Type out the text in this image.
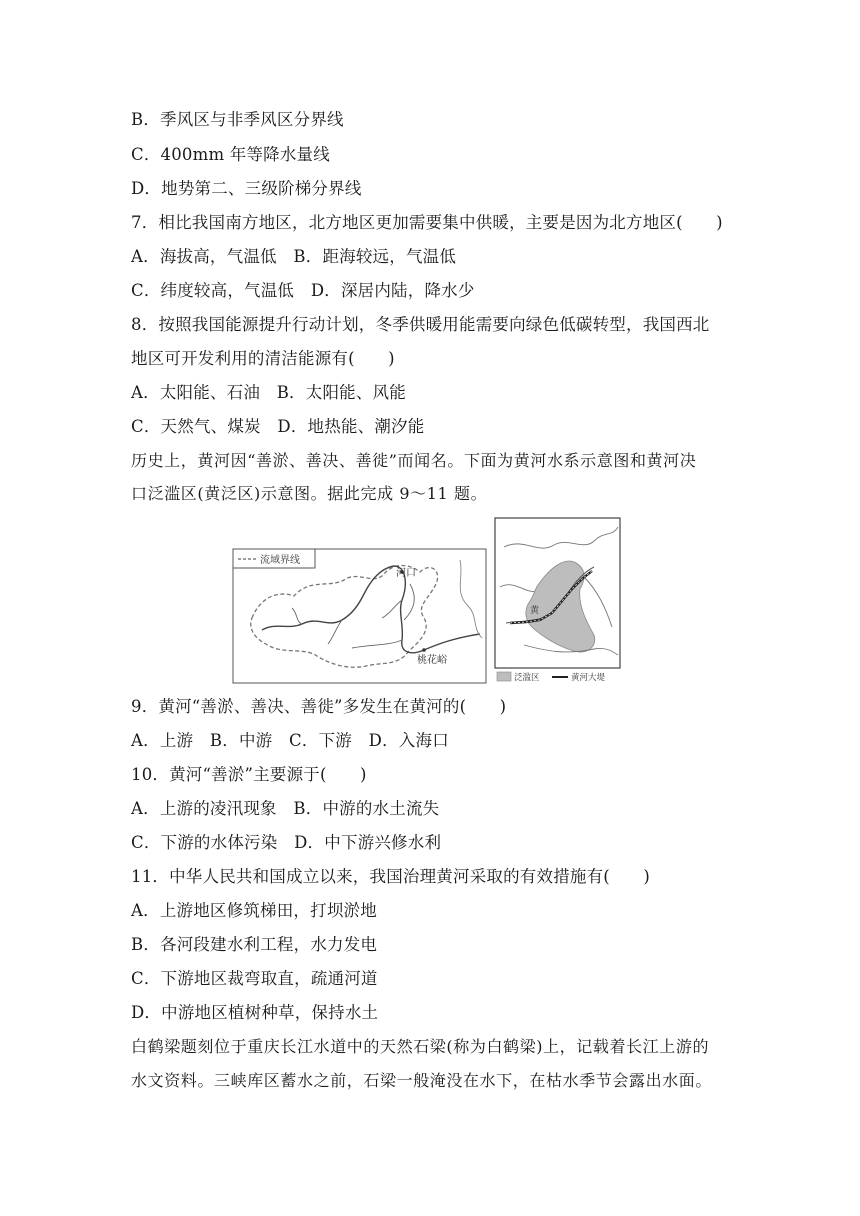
B．季风区与非季风区分界线
C．400mm 年等降水量线
D．地势第二、三级阶梯分界线
7．相比我国南方地区，北方地区更加需要集中供暖，主要是因为北方地区(　　)
A．海拔高，气温低　B．距海较远，气温低
C．纬度较高，气温低　D．深居内陆，降水少
8．按照我国能源提升行动计划，冬季供暖用能需要向绿色低碳转型，我国西北
地区可开发利用的清洁能源有(　　)
A．太阳能、石油　B．太阳能、风能
C．天然气、煤炭　D．地热能、潮汐能
历史上，黄河因“善淤、善决、善徙”而闻名。下面为黄河水系示意图和黄河决
口泛滥区(黄泛区)示意图。据此完成 9～11 题。
流域界线
河口
桃花峪
黄
泛滥区	黄河大堤
9．黄河“善淤、善决、善徙”多发生在黄河的(　　)
A．上游　B．中游　C．下游　D．入海口
10．黄河“善淤”主要源于(　　)
A．上游的凌汛现象　B．中游的水土流失
C．下游的水体污染　D．中下游兴修水利
11．中华人民共和国成立以来，我国治理黄河采取的有效措施有(　　)
A．上游地区修筑梯田，打坝淤地
B．各河段建水利工程，水力发电
C．下游地区裁弯取直，疏通河道
D．中游地区植树种草，保持水土
白鹤梁题刻位于重庆长江水道中的天然石梁(称为白鹤梁)上，记载着长江上游的
水文资料。三峡库区蓄水之前，石梁一般淹没在水下，在枯水季节会露出水面。
